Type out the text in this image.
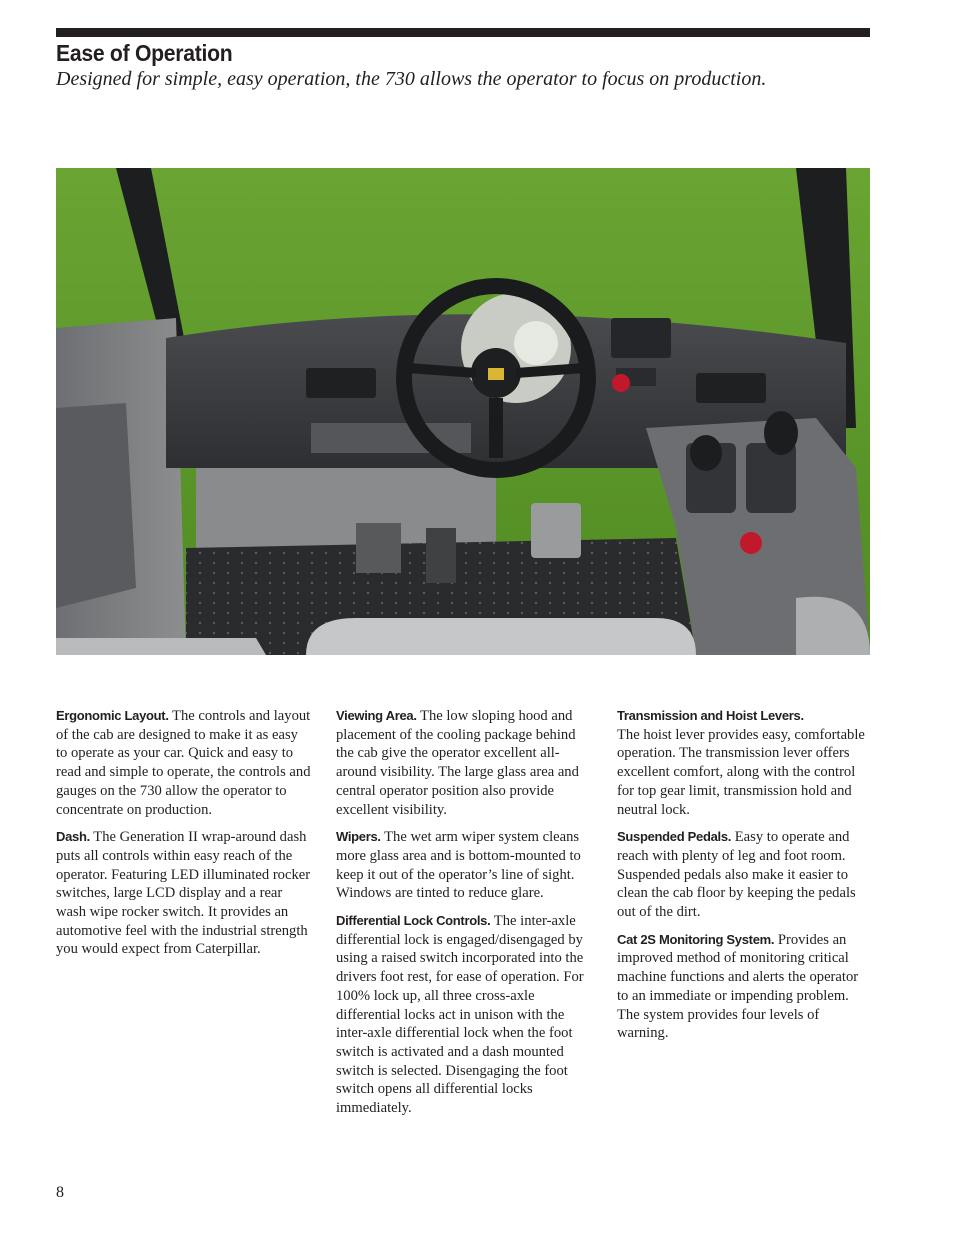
Ease of Operation

Designed for simple, easy operation, the 730 allows the operator to focus on production.

Ergonomic Layout. The controls and layout of the cab are designed to make it as easy to operate as your car. Quick and easy to read and simple to operate, the controls and gauges on the 730 allow the operator to concentrate on production.

Dash. The Generation II wrap-around dash puts all controls within easy reach of the operator. Featuring LED illuminated rocker switches, large LCD display and a rear wash wipe rocker switch. It provides an automotive feel with the industrial strength you would expect from Caterpillar.

Viewing Area. The low sloping hood and placement of the cooling package behind the cab give the operator excellent all-around visibility. The large glass area and central operator position also provide excellent visibility.

Wipers. The wet arm wiper system cleans more glass area and is bottom-mounted to keep it out of the operator’s line of sight. Windows are tinted to reduce glare.

Differential Lock Controls. The inter-axle differential lock is engaged/disengaged by using a raised switch incorporated into the drivers foot rest, for ease of operation. For 100% lock up, all three cross-axle differential locks act in unison with the inter-axle differential lock when the foot switch is activated and a dash mounted switch is selected. Disengaging the foot switch opens all differential locks immediately.

Transmission and Hoist Levers.
The hoist lever provides easy, comfortable operation. The transmission lever offers excellent comfort, along with the control for top gear limit, transmission hold and neutral lock.

Suspended Pedals. Easy to operate and reach with plenty of leg and foot room. Suspended pedals also make it easier to clean the cab floor by keeping the pedals out of the dirt.

Cat 2S Monitoring System. Provides an improved method of monitoring critical machine functions and alerts the operator to an immediate or impending problem. The system provides four levels of warning.

8
